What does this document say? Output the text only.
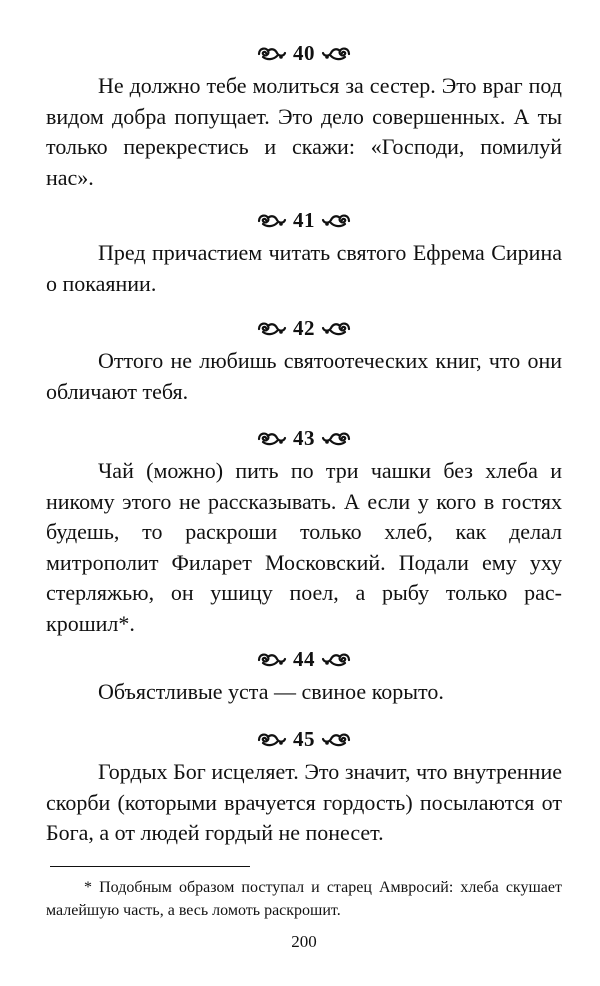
40

Не должно тебе молиться за сестер. Это враг под видом добра попущает. Это дело совершенных. А ты только перекрестись и скажи: «Господи, помилуй нас».

41

Пред причастием читать святого Ефрема Сирина о покаянии.

42

Оттого не любишь святоотеческих книг, что они обличают тебя.

43

Чай (можно) пить по три чашки без хлеба и никому этого не рассказывать. А если у кого в гостях будешь, то раскроши только хлеб, как делал митрополит Филарет Московский. Подали ему уху стерляжью, он ушицу поел, а рыбу только раскрошил*.

44

Объястливые уста — свиное корыто.

45

Гордых Бог исцеляет. Это значит, что внутренние скорби (которыми врачуется гордость) посылаются от Бога, а от людей гордый не понесет.

* Подобным образом поступал и старец Амвросий: хлеба скушает малейшую часть, а весь ломоть раскрошит.

200
